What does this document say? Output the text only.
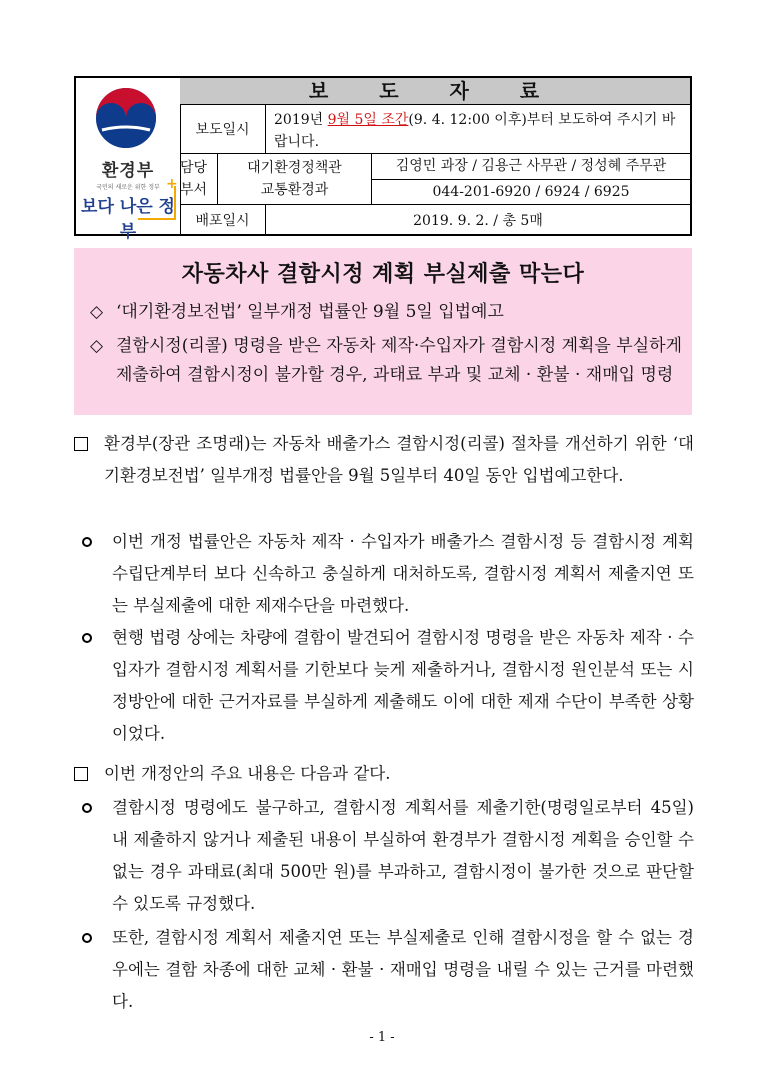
환경부
국민의 새로운 위한 정부 +
보다 나은 정부
보 도 자 료
보도일시
2019년 9월 5일 조간(9. 4. 12:00 이후)부터 보도하여 주시기 바랍니다.
담당 부서
대기환경정책관
교통환경과
김영민 과장 / 김용근 사무관 / 정성혜 주무관
044-201-6920 / 6924 / 6925
배포일시	2019. 9. 2. / 총 5매
자동차사 결함시정 계획 부실제출 막는다
◇ ‘대기환경보전법’ 일부개정 법률안 9월 5일 입법예고
◇ 결함시정(리콜) 명령을 받은 자동차 제작·수입자가 결함시정 계획을 부실하게 제출하여 결함시정이 불가할 경우, 과태료 부과 및 교체 · 환불 · 재매입 명령
환경부(장관 조명래)는 자동차 배출가스 결함시정(리콜) 절차를 개선하기 위한 ‘대기환경보전법’ 일부개정 법률안을 9월 5일부터 40일 동안 입법예고한다.
이번 개정 법률안은 자동차 제작 · 수입자가 배출가스 결함시정 등 결함시정 계획 수립단계부터 보다 신속하고 충실하게 대처하도록, 결함시정 계획서 제출지연 또는 부실제출에 대한 제재수단을 마련했다.
현행 법령 상에는 차량에 결함이 발견되어 결함시정 명령을 받은 자동차 제작 · 수입자가 결함시정 계획서를 기한보다 늦게 제출하거나, 결함시정 원인분석 또는 시정방안에 대한 근거자료를 부실하게 제출해도 이에 대한 제재 수단이 부족한 상황이었다.
이번 개정안의 주요 내용은 다음과 같다.
결함시정 명령에도 불구하고, 결함시정 계획서를 제출기한(명령일로부터 45일) 내 제출하지 않거나 제출된 내용이 부실하여 환경부가 결함시정 계획을 승인할 수 없는 경우 과태료(최대 500만 원)를 부과하고, 결함시정이 불가한 것으로 판단할 수 있도록 규정했다.
또한, 결함시정 계획서 제출지연 또는 부실제출로 인해 결함시정을 할 수 없는 경우에는 결함 차종에 대한 교체 · 환불 · 재매입 명령을 내릴 수 있는 근거를 마련했다.
- 1 -
